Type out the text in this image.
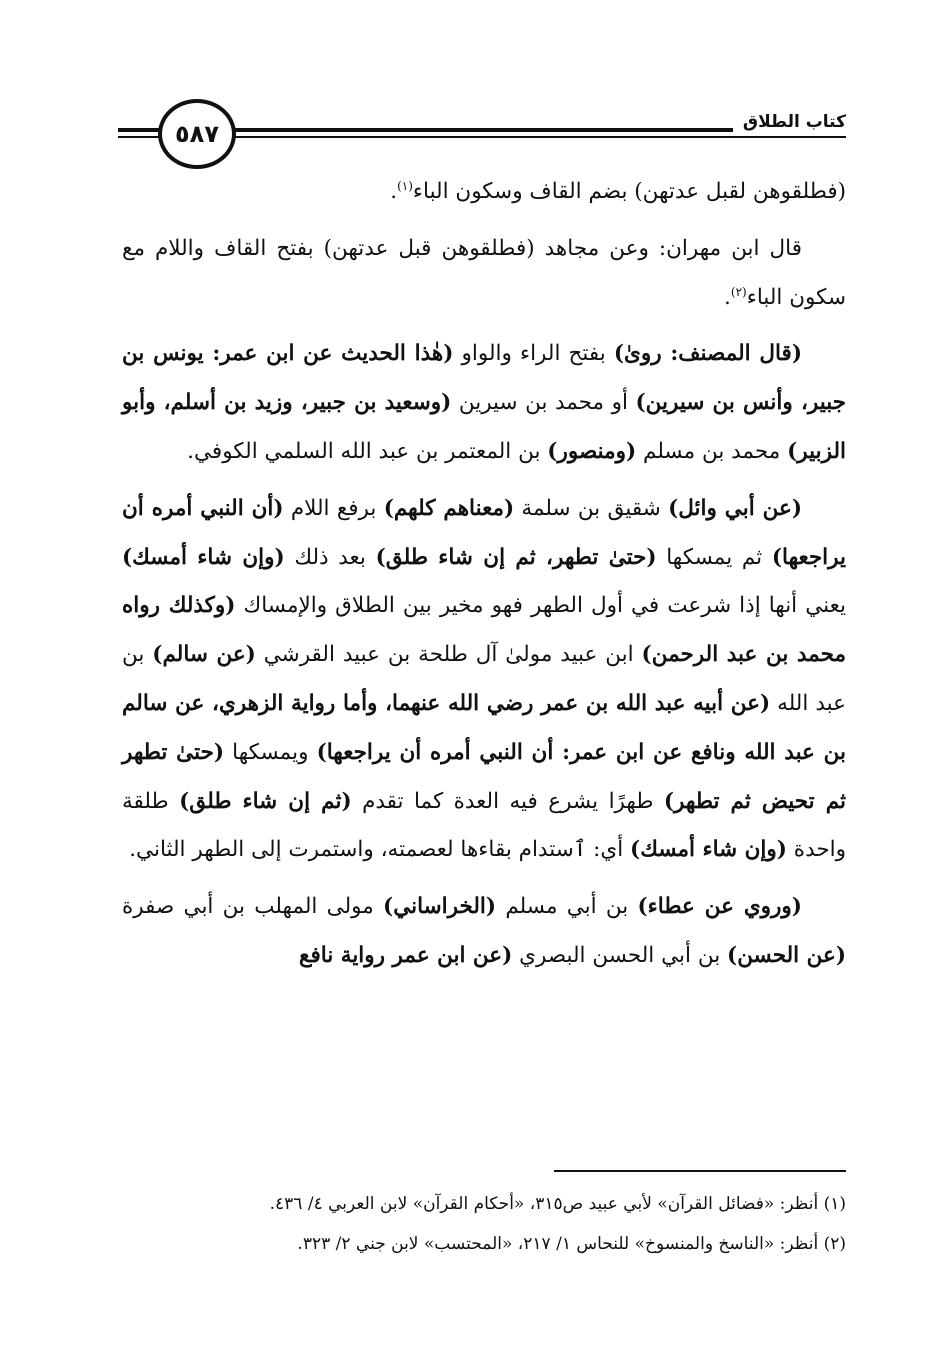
كتاب الطلاق
٥٨٧

(فطلقوهن لقبل عدتهن) بضم القاف وسكون الباء$^{(١)}$.

قال ابن مهران: وعن مجاهد (فطلقوهن قبل عدتهن) بفتح القاف واللام مع سكون الباء$^{(٢)}$.

(قال المصنف: روىٰ) بفتح الراء والواو (هٰذا الحديث عن ابن عمر: يونس بن جبير، وأنس بن سيرين) أو محمد بن سيرين (وسعيد بن جبير، وزيد بن أسلم، وأبو الزبير) محمد بن مسلم (ومنصور) بن المعتمر بن عبد الله السلمي الكوفي.

(عن أبي وائل) شقيق بن سلمة (معناهم كلهم) برفع اللام (أن النبي أمره أن يراجعها) ثم يمسكها (حتىٰ تطهر، ثم إن شاء طلق) بعد ذلك (وإن شاء أمسك) يعني أنها إذا شرعت في أول الطهر فهو مخير بين الطلاق والإمساك (وكذلك رواه محمد بن عبد الرحمن) ابن عبيد مولىٰ آل طلحة بن عبيد القرشي (عن سالم) بن عبد الله (عن أبيه عبد الله بن عمر رضي الله عنهما، وأما رواية الزهري، عن سالم بن عبد الله ونافع عن ابن عمر: أن النبي أمره أن يراجعها) ويمسكها (حتىٰ تطهر ثم تحيض ثم تطهر) طهرًا يشرع فيه العدة كما تقدم (ثم إن شاء طلق) طلقة واحدة (وإن شاء أمسك) أي: ٱستدام بقاءها لعصمته، واستمرت إلى الطهر الثاني.

(وروي عن عطاء) بن أبي مسلم (الخراساني) مولى المهلب بن أبي صفرة (عن الحسن) بن أبي الحسن البصري (عن ابن عمر رواية نافع

(١) أنظر: «فضائل القرآن» لأبي عبيد ص٣١٥، «أحكام القرآن» لابن العربي ٤/ ٤٣٦.
(٢) أنظر: «الناسخ والمنسوخ» للنحاس ١/ ٢١٧، «المحتسب» لابن جني ٢/ ٣٢٣.
